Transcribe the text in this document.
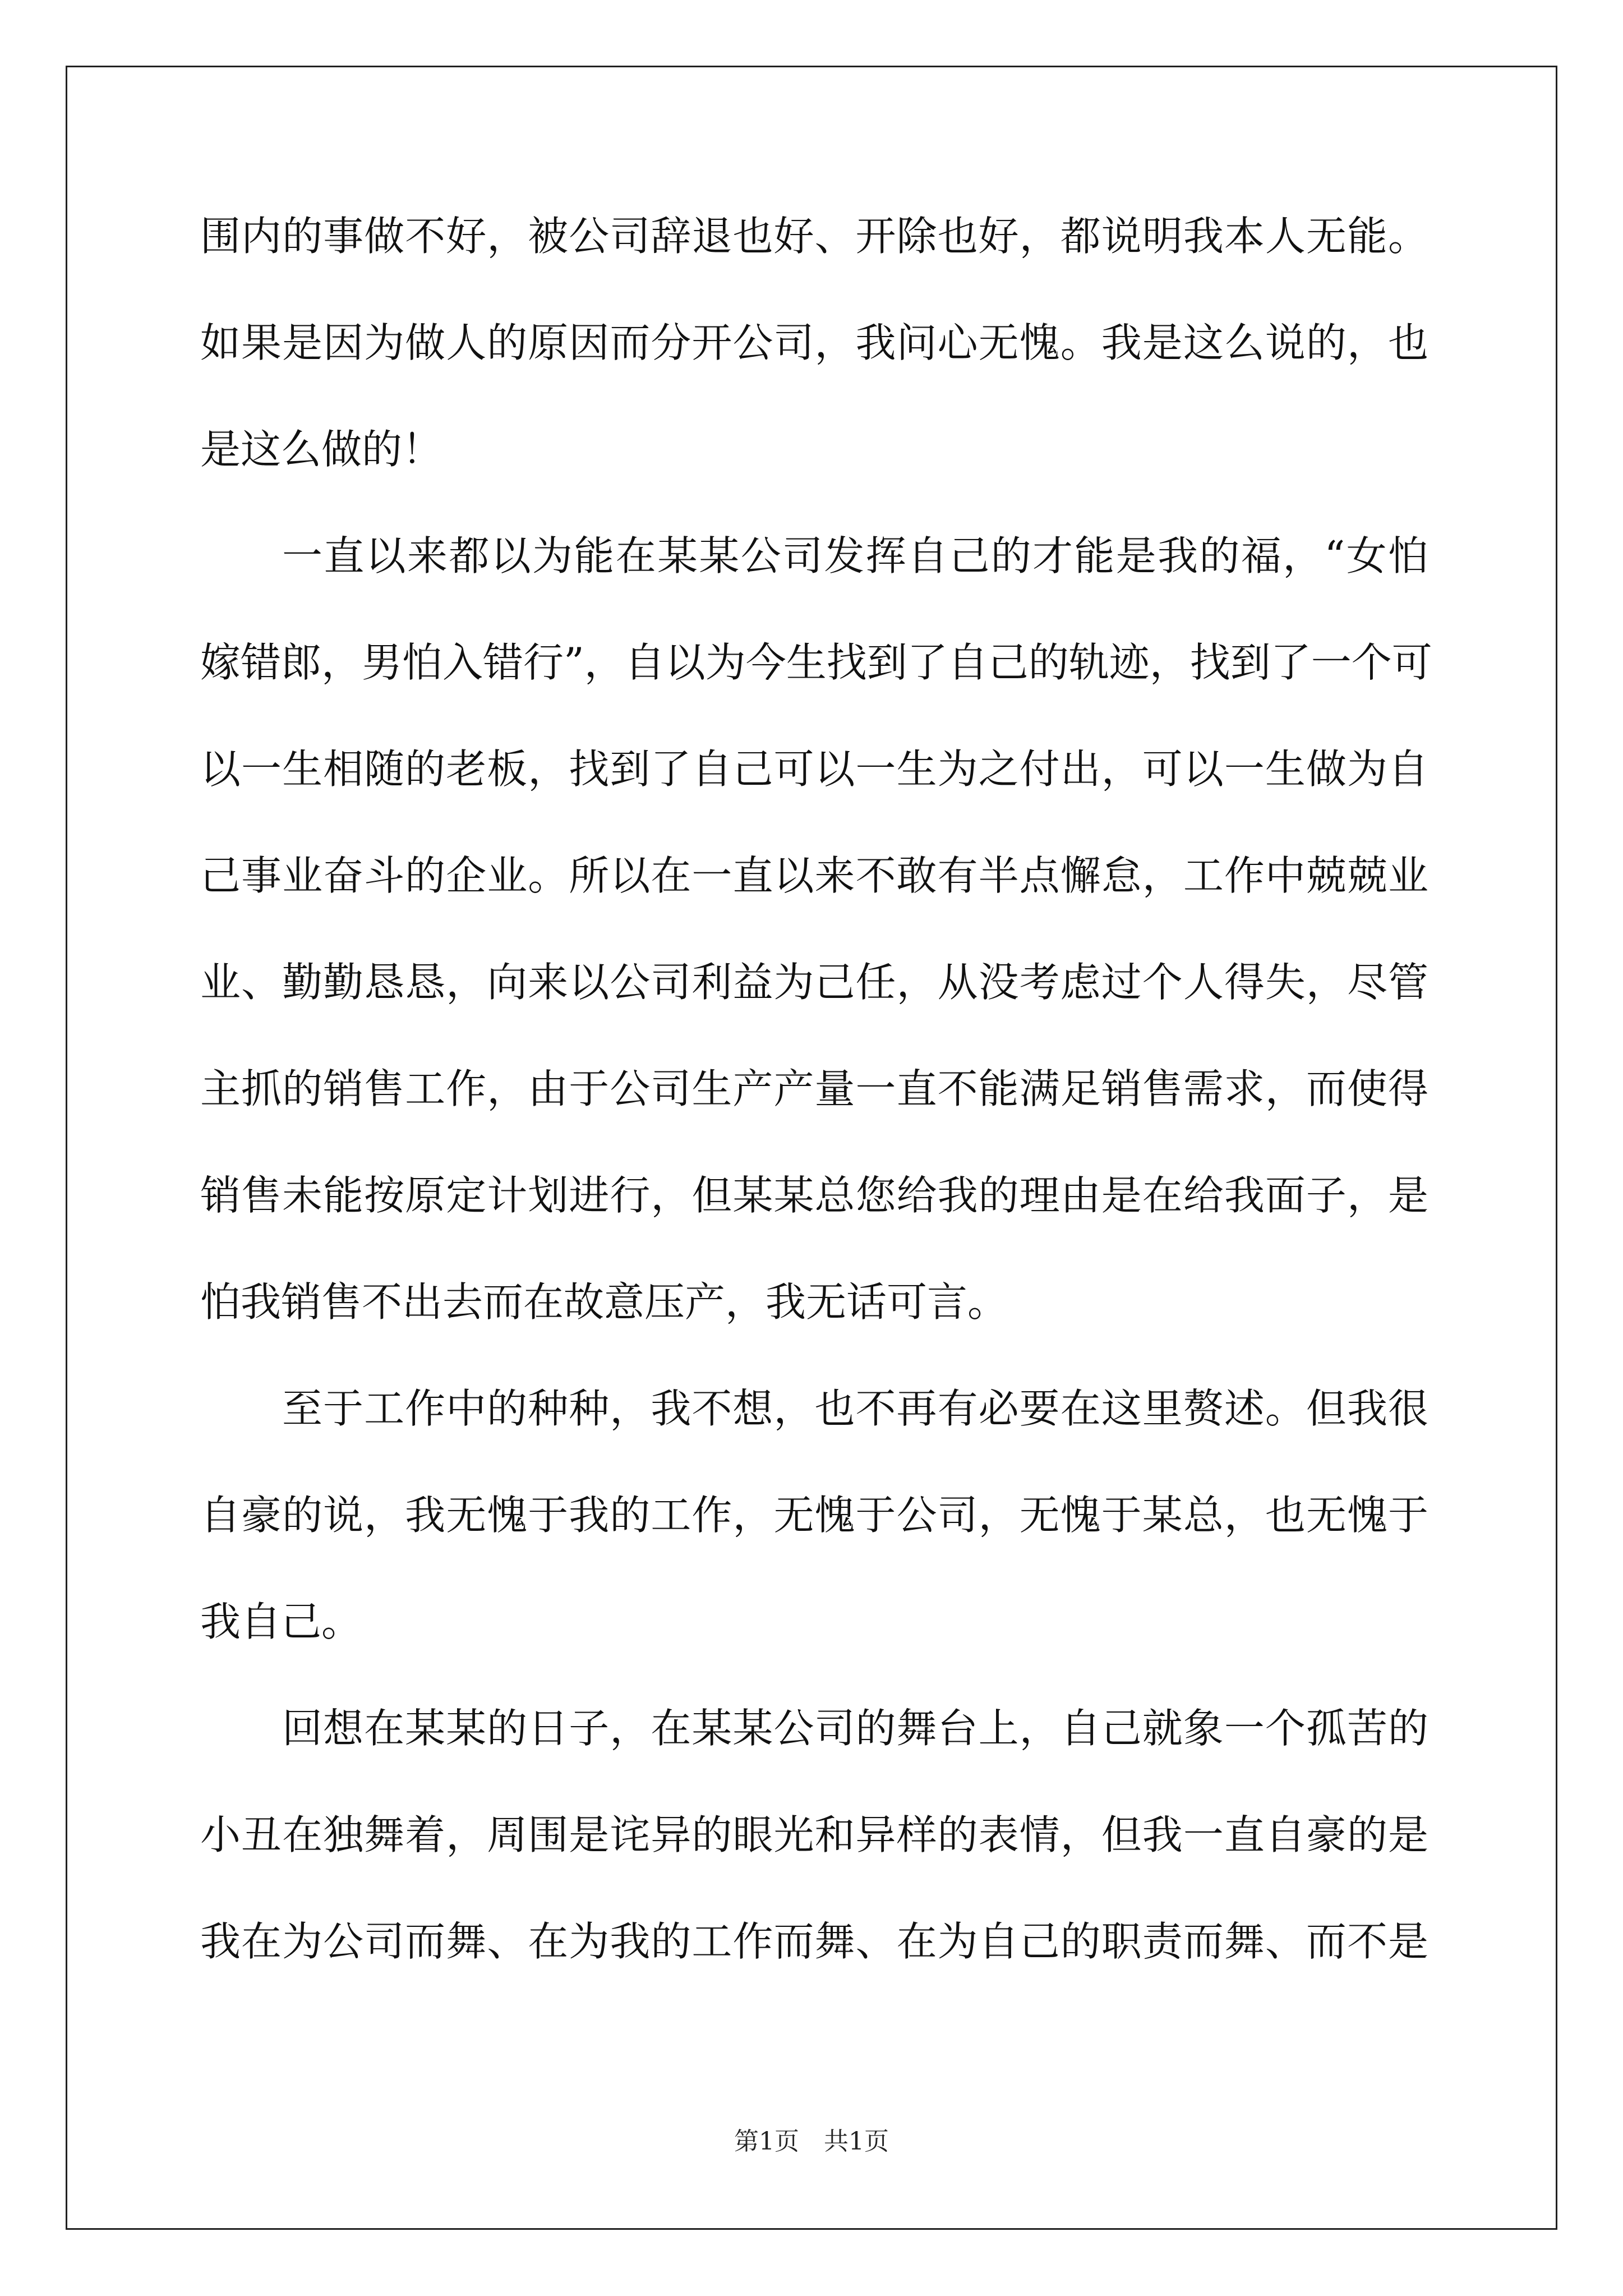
围内的事做不好，被公司辞退也好、开除也好，都说明我本人无能。
如果是因为做人的原因而分开公司，我问心无愧。我是这么说的，也
是这么做的！
一直以来都以为能在某某公司发挥自己的才能是我的福，“女怕
嫁错郎，男怕入错行”，自以为今生找到了自己的轨迹，找到了一个可
以一生相随的老板，找到了自己可以一生为之付出，可以一生做为自
己事业奋斗的企业。所以在一直以来不敢有半点懈怠，工作中兢兢业
业、勤勤恳恳，向来以公司利益为己任，从没考虑过个人得失，尽管
主抓的销售工作，由于公司生产产量一直不能满足销售需求，而使得
销售未能按原定计划进行，但某某总您给我的理由是在给我面子，是
怕我销售不出去而在故意压产，我无话可言。
至于工作中的种种，我不想，也不再有必要在这里赘述。但我很
自豪的说，我无愧于我的工作，无愧于公司，无愧于某总，也无愧于
我自己。
回想在某某的日子，在某某公司的舞台上，自己就象一个孤苦的
小丑在独舞着，周围是诧异的眼光和异样的表情，但我一直自豪的是
我在为公司而舞、在为我的工作而舞、在为自己的职责而舞、而不是
第1页　共1页
